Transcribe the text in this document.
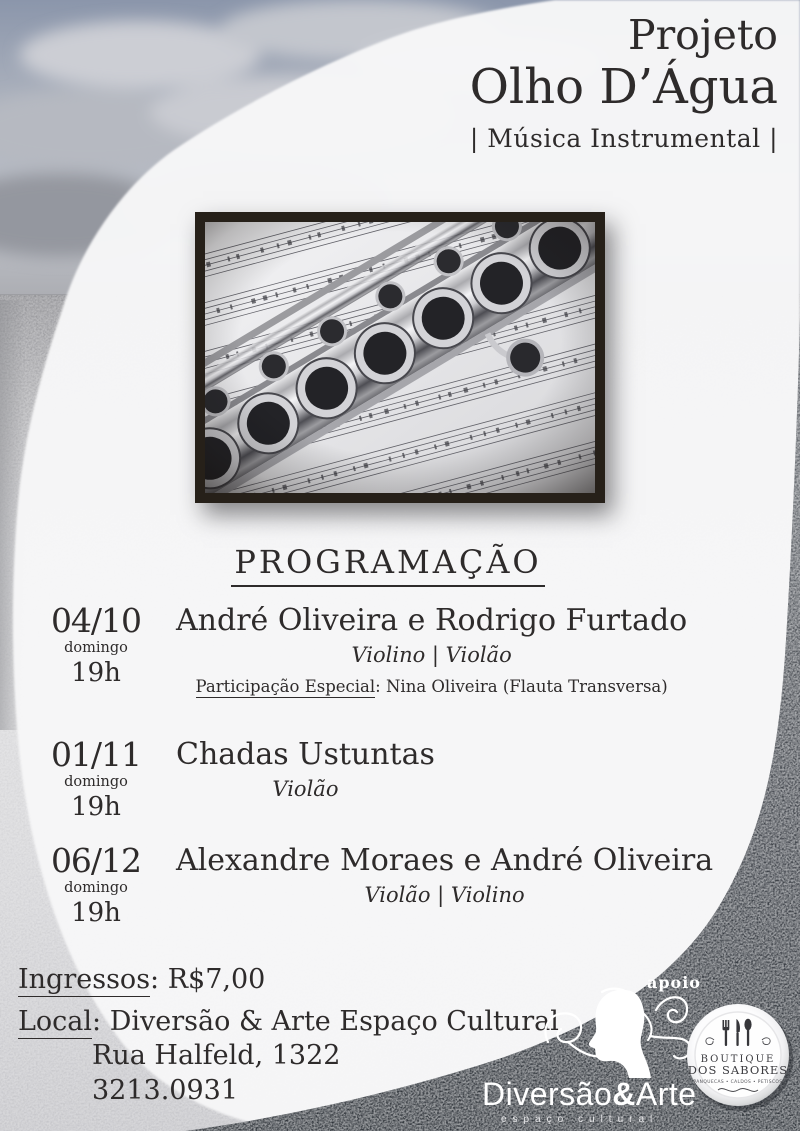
Projeto
Olho D’Água
| Música Instrumental |
PROGRAMAÇÃO
04/10
domingo
19h
André Oliveira e Rodrigo Furtado
Violino | Violão
Participação Especial: Nina Oliveira (Flauta Transversa)
01/11
domingo
19h
Chadas Ustuntas
Violão
06/12
domingo
19h
Alexandre Moraes e André Oliveira
Violão | Violino
Ingressos: R$7,00
Local: Diversão & Arte Espaço Cultural
Rua Halfeld, 1322
3213.0931
apoio
Diversão&Arte
espaço cultural
BOUTIQUE
DOS SABORES
PANQUECAS • CALDOS • PETISCOS
